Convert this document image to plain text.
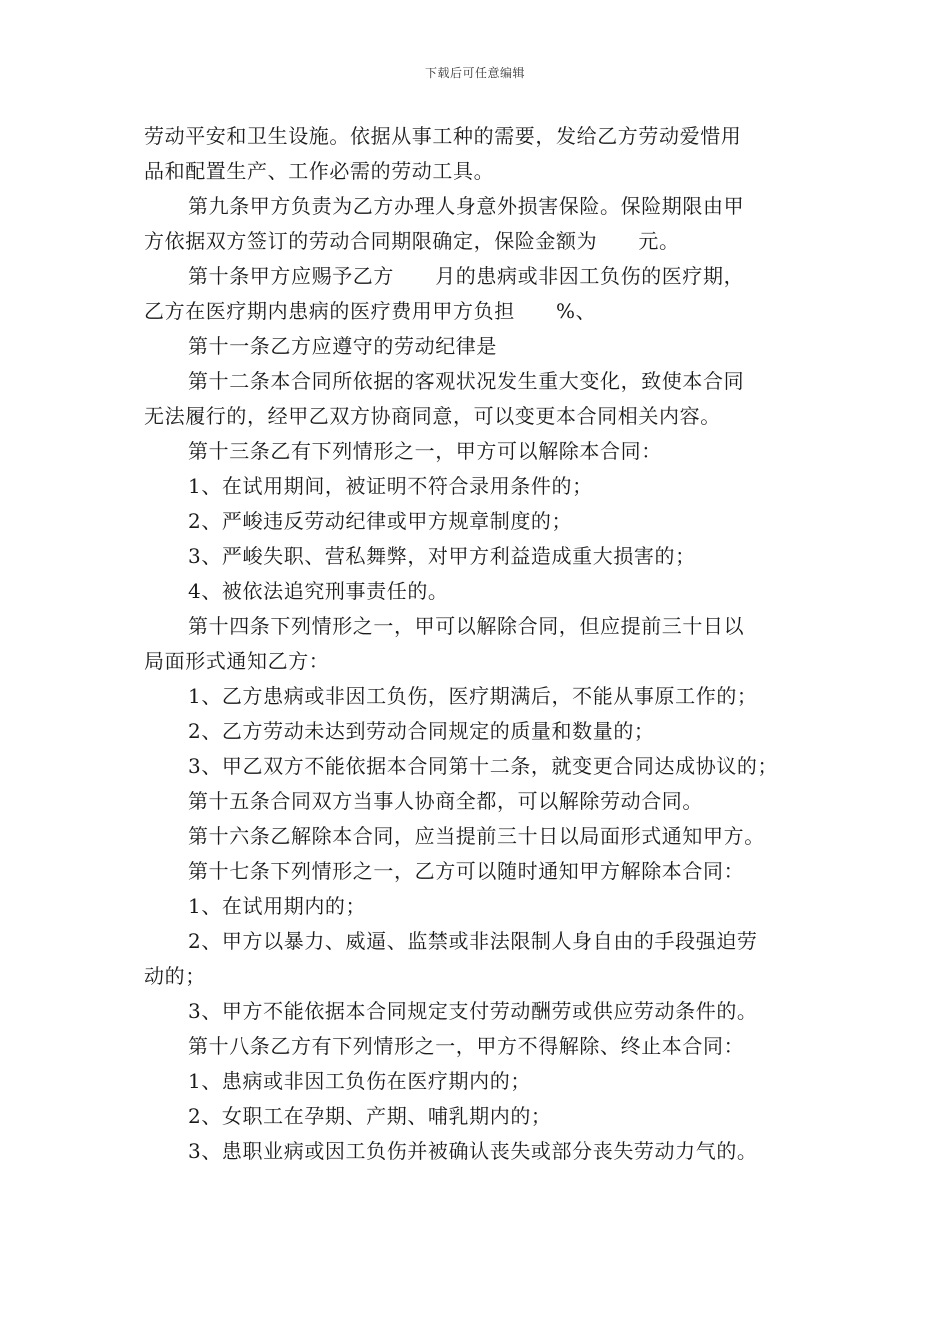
下载后可任意编辑
劳动平安和卫生设施。依据从事工种的需要，发给乙方劳动爱惜用
品和配置生产、工作必需的劳动工具。
第九条甲方负责为乙方办理人身意外损害保险。保险期限由甲
方依据双方签订的劳动合同期限确定，保险金额为　　元。
第十条甲方应赐予乙方　　月的患病或非因工负伤的医疗期，
乙方在医疗期内患病的医疗费用甲方负担　　%、
第十一条乙方应遵守的劳动纪律是
第十二条本合同所依据的客观状况发生重大变化，致使本合同
无法履行的，经甲乙双方协商同意，可以变更本合同相关内容。
第十三条乙有下列情形之一，甲方可以解除本合同：
1、在试用期间，被证明不符合录用条件的；
2、严峻违反劳动纪律或甲方规章制度的；
3、严峻失职、营私舞弊，对甲方利益造成重大损害的；
4、被依法追究刑事责任的。
第十四条下列情形之一，甲可以解除合同，但应提前三十日以
局面形式通知乙方：
1、乙方患病或非因工负伤，医疗期满后，不能从事原工作的；
2、乙方劳动未达到劳动合同规定的质量和数量的；
3、甲乙双方不能依据本合同第十二条，就变更合同达成协议的；
第十五条合同双方当事人协商全都，可以解除劳动合同。
第十六条乙解除本合同，应当提前三十日以局面形式通知甲方。
第十七条下列情形之一，乙方可以随时通知甲方解除本合同：
1、在试用期内的；
2、甲方以暴力、威逼、监禁或非法限制人身自由的手段强迫劳
动的；
3、甲方不能依据本合同规定支付劳动酬劳或供应劳动条件的。
第十八条乙方有下列情形之一，甲方不得解除、终止本合同：
1、患病或非因工负伤在医疗期内的；
2、女职工在孕期、产期、哺乳期内的；
3、患职业病或因工负伤并被确认丧失或部分丧失劳动力气的。
